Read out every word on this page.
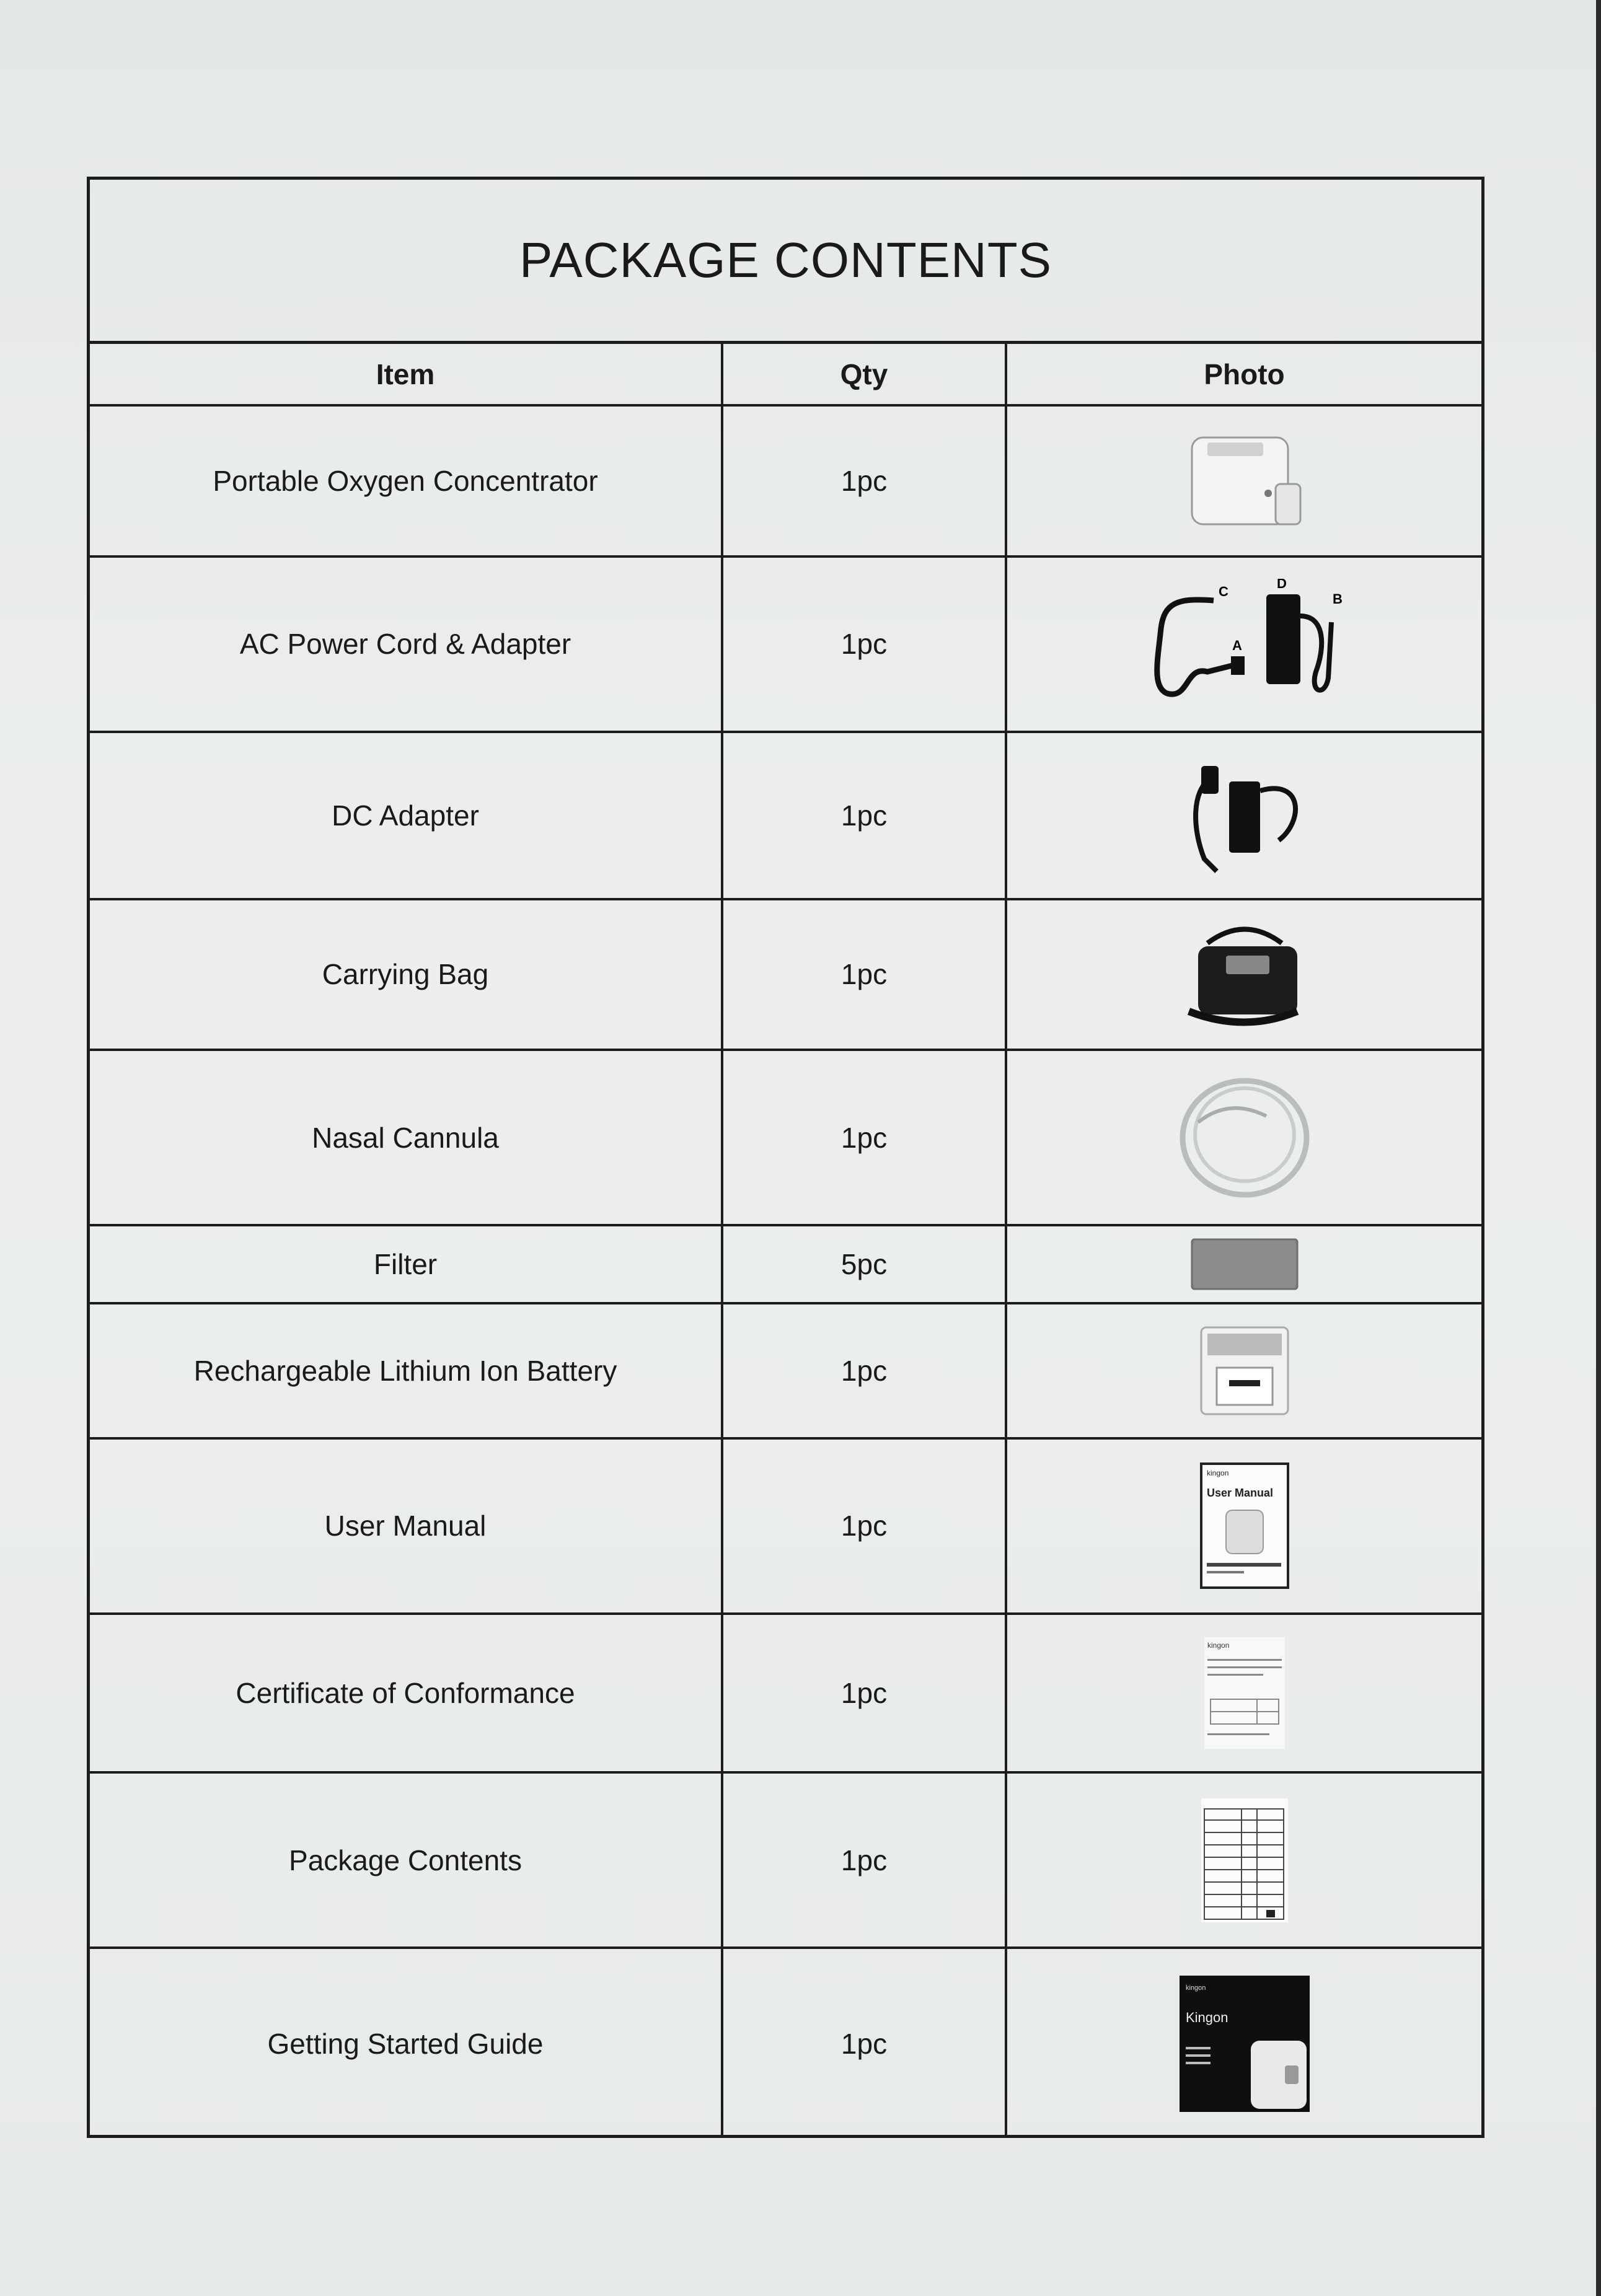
PACKAGE CONTENTS
Item	Qty	Photo
Portable Oxygen Concentrator	1pc	

AC Power Cord & Adapter	1pc	C
D
B
A

DC Adapter	1pc	

Carrying Bag	1pc	

Nasal Cannula	1pc	

Filter	5pc	

Rechargeable Lithium Ion Battery	1pc	

User Manual	1pc	kingon
User Manual

Certificate of Conformance	1pc	kingon

Package Contents	1pc	

Getting Started Guide	1pc	kingon
Kingon
